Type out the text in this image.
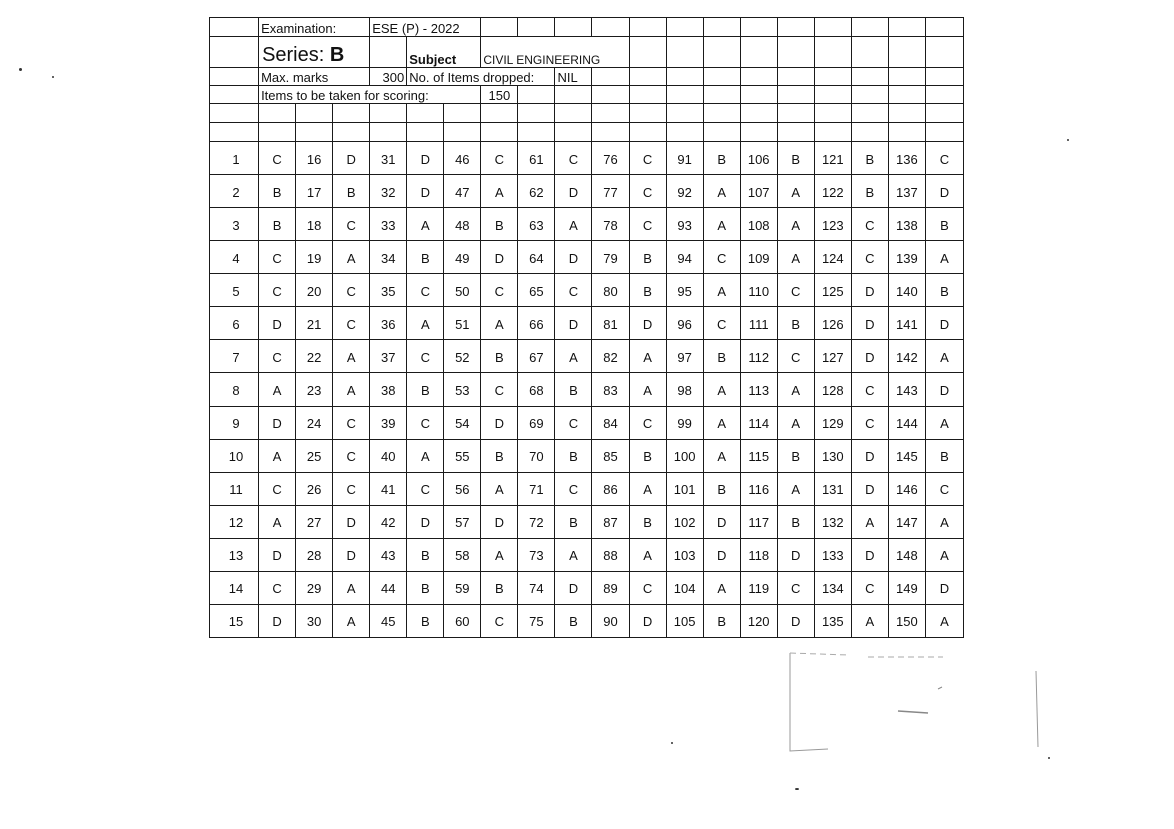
	Examination:			ESE (P) - 2022															
	Series: B				Subject		CIVIL ENGINEERING												
	Max. marks			300	No. of Items dropped:				NIL										
	Items to be taken for scoring:						150												

1	C	16	D	31	D	46	C	61	C	76	C	91	B	106	B	121	B	136	C
2	B	17	B	32	D	47	A	62	D	77	C	92	A	107	A	122	B	137	D
3	B	18	C	33	A	48	B	63	A	78	C	93	A	108	A	123	C	138	B
4	C	19	A	34	B	49	D	64	D	79	B	94	C	109	A	124	C	139	A
5	C	20	C	35	C	50	C	65	C	80	B	95	A	110	C	125	D	140	B
6	D	21	C	36	A	51	A	66	D	81	D	96	C	111	B	126	D	141	D
7	C	22	A	37	C	52	B	67	A	82	A	97	B	112	C	127	D	142	A
8	A	23	A	38	B	53	C	68	B	83	A	98	A	113	A	128	C	143	D
9	D	24	C	39	C	54	D	69	C	84	C	99	A	114	A	129	C	144	A
10	A	25	C	40	A	55	B	70	B	85	B	100	A	115	B	130	D	145	B
11	C	26	C	41	C	56	A	71	C	86	A	101	B	116	A	131	D	146	C
12	A	27	D	42	D	57	D	72	B	87	B	102	D	117	B	132	A	147	A
13	D	28	D	43	B	58	A	73	A	88	A	103	D	118	D	133	D	148	A
14	C	29	A	44	B	59	B	74	D	89	C	104	A	119	C	134	C	149	D
15	D	30	A	45	B	60	C	75	B	90	D	105	B	120	D	135	A	150	A
